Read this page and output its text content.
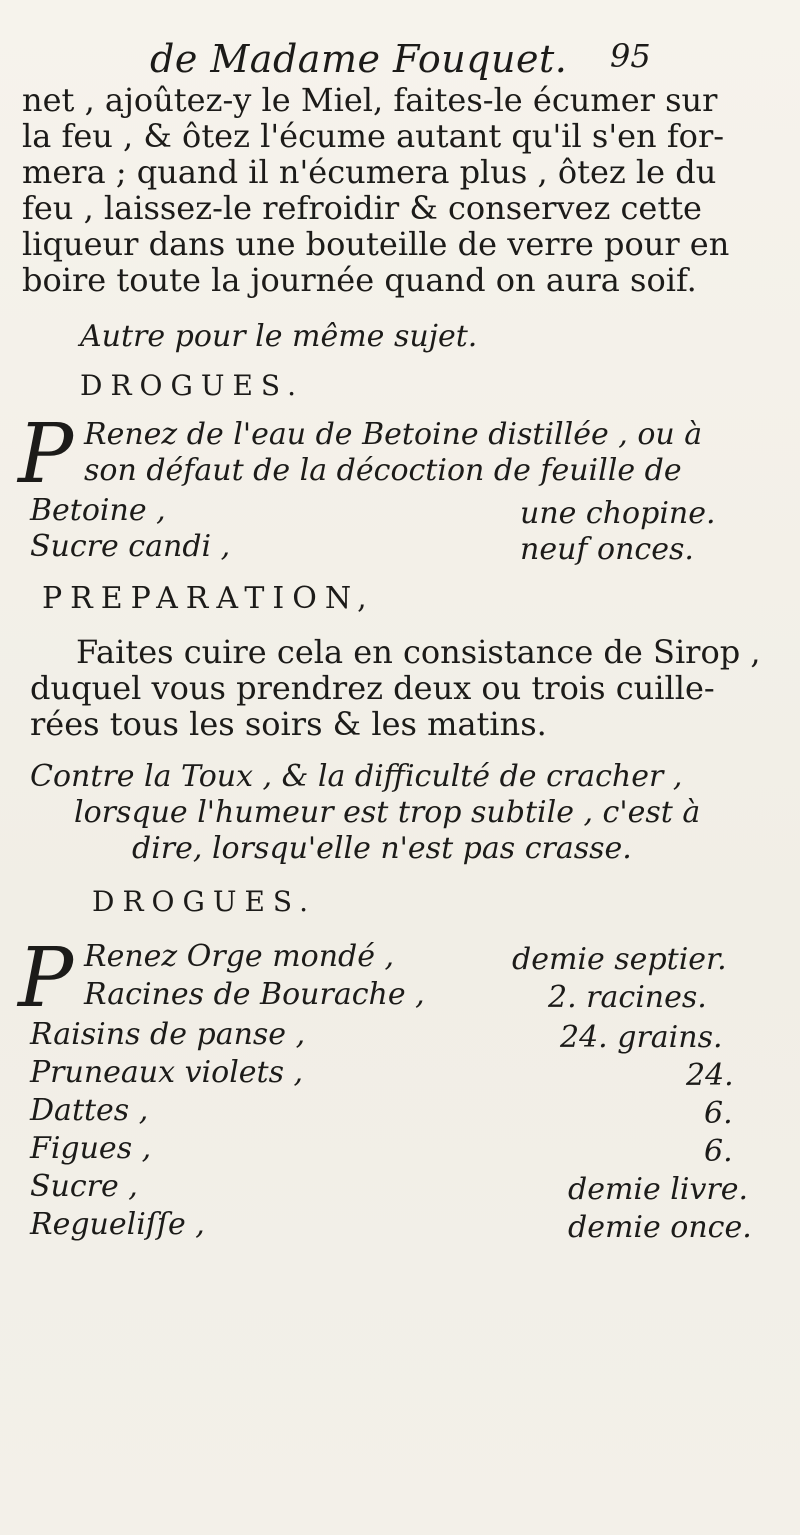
de Madame Fouquet. 95
net , ajoûtez-y le Miel, faites-le écumer sur
la feu , & ôtez l'écume autant qu'il s'en for-
mera ; quand il n'écumera plus , ôtez le du
feu , laissez-le refroidir & conservez cette
liqueur dans une bouteille de verre pour en
boire toute la journée quand on aura soif.
Autre pour le même sujet.
DROGUES.
P Renez de l'eau de Betoine distillée , ou à
son défaut de la décoction de feuille de
Betoine ,	une chopine.
Sucre candi ,	neuf onces.
PREPARATION,
Faites cuire cela en consistance de Sirop ,
duquel vous prendrez deux ou trois cuille-
rées tous les soirs & les matins.
Contre la Toux , & la difficulté de cracher ,
lorsque l'humeur est trop subtile , c'est à
dire, lorsqu'elle n'est pas crasse.
DROGUES.
P Renez Orge mondé ,	demie septier.
Racines de Bourache ,	2. racines.
Raisins de panse ,	24. grains.
Pruneaux violets ,	24.
Dattes ,	6.
Figues ,	6.
Sucre ,	demie livre.
Regueliſſe ,	demie once.
